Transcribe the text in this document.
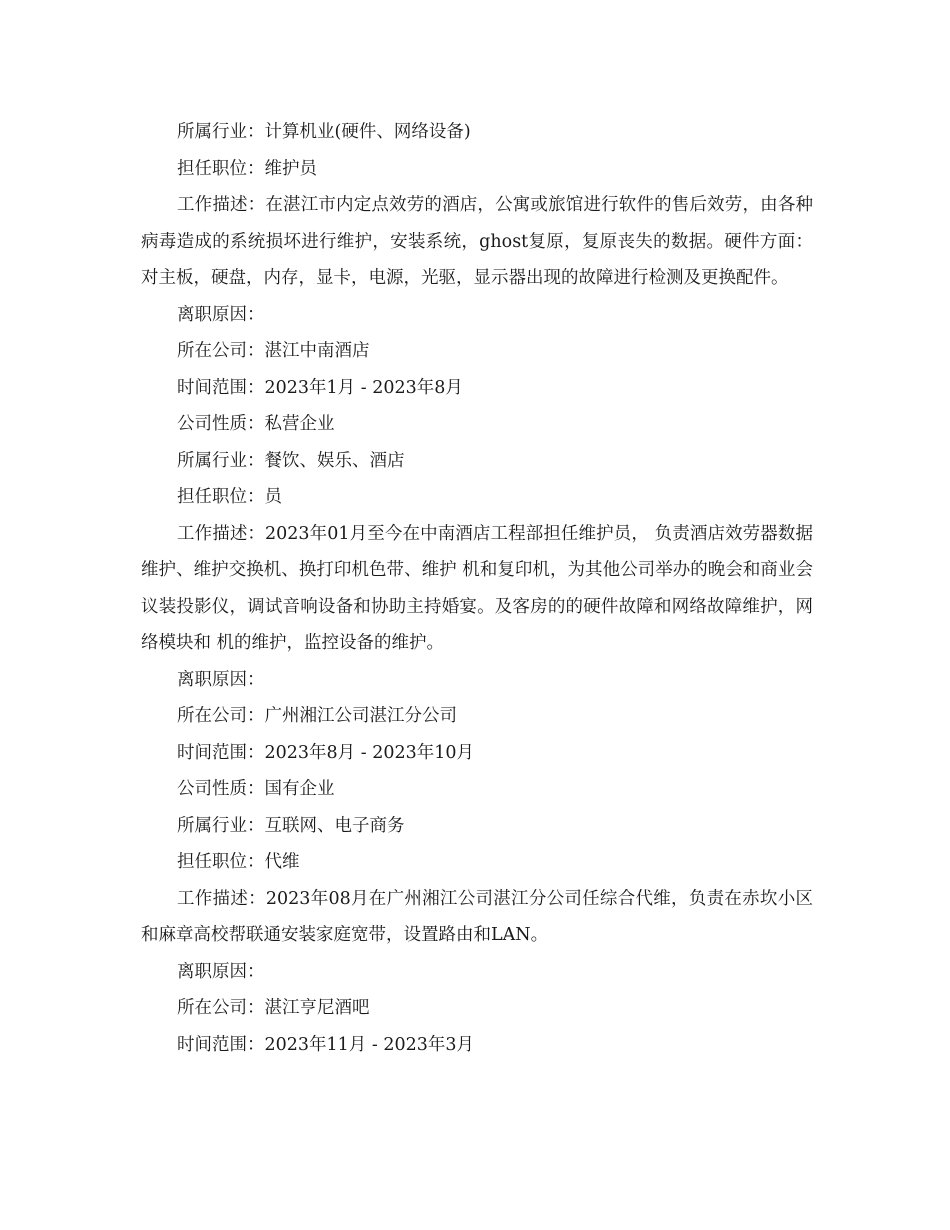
所属行业：计算机业(硬件、网络设备)

担任职位：维护员

工作描述：在湛江市内定点效劳的酒店，公寓或旅馆进行软件的售后效劳，由各种病毒造成的系统损坏进行维护，安装系统，ghost复原，复原丧失的数据。硬件方面：对主板，硬盘，内存，显卡，电源，光驱，显示器出现的故障进行检测及更换配件。

离职原因：

所在公司：湛江中南酒店

时间范围：2023年1月 - 2023年8月

公司性质：私营企业

所属行业：餐饮、娱乐、酒店

担任职位：员

工作描述：2023年01月至今在中南酒店工程部担任维护员， 负责酒店效劳器数据维护、维护交换机、换打印机色带、维护 机和复印机，为其他公司举办的晚会和商业会议装投影仪，调试音响设备和协助主持婚宴。及客房的的硬件故障和网络故障维护，网络模块和 机的维护，监控设备的维护。

离职原因：

所在公司：广州湘江公司湛江分公司

时间范围：2023年8月 - 2023年10月

公司性质：国有企业

所属行业：互联网、电子商务

担任职位：代维

工作描述：2023年08月在广州湘江公司湛江分公司任综合代维，负责在赤坎小区和麻章高校帮联通安装家庭宽带，设置路由和LAN。

离职原因：

所在公司：湛江亨尼酒吧

时间范围：2023年11月 - 2023年3月
